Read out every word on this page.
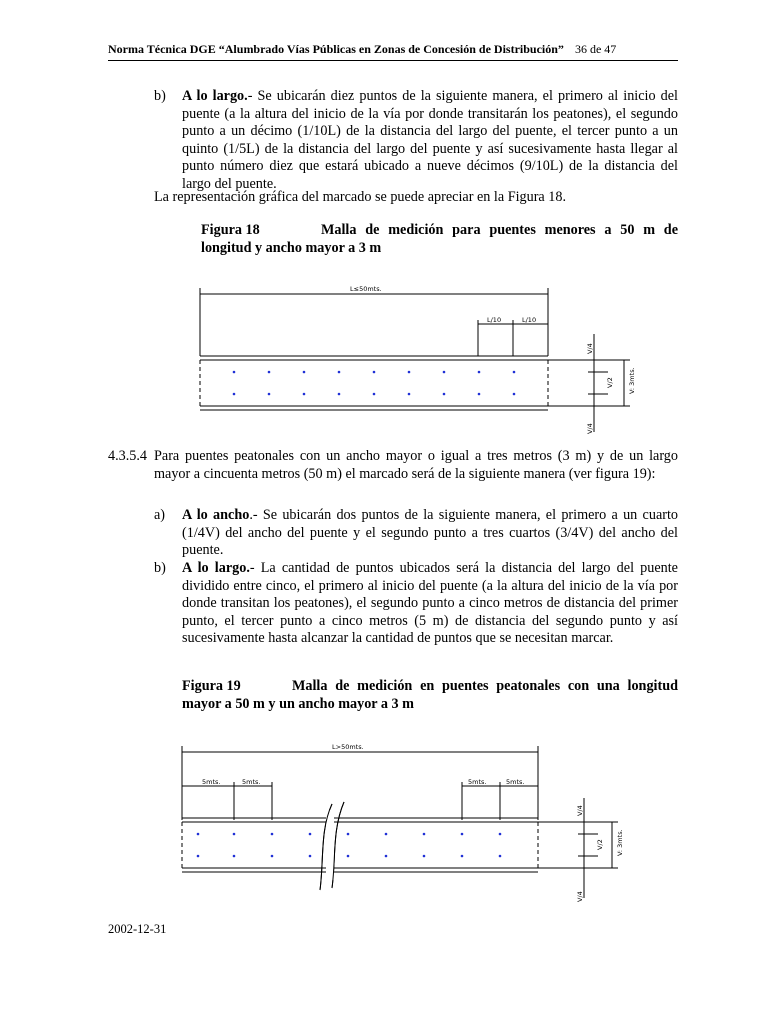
Norma Técnica DGE “Alumbrado Vías Públicas en Zonas de Concesión de Distribución” 36 de 47
b) A lo largo.- Se ubicarán diez puntos de la siguiente manera, el primero al inicio del puente (a la altura del inicio de la vía por donde transitarán los peatones), el segundo punto a un décimo (1/10L) de la distancia del largo del puente, el tercer punto a un quinto (1/5L) de la distancia del largo del puente y así sucesivamente hasta llegar al punto número diez que estará ubicado a nueve décimos (9/10L) de la distancia del largo del puente.
La representación gráfica del marcado se puede apreciar en la Figura 18.
Figura 18	Malla de medición para puentes menores a 50 m de longitud y ancho mayor a 3 m
L≤50mts.
L/10	L/10
V/4
V/2 V: 3mts.
V/4
4.3.5.4 Para puentes peatonales con un ancho mayor o igual a tres metros (3 m) y de un largo mayor a cincuenta metros (50 m) el marcado será de la siguiente manera (ver figura 19):
a) A lo ancho.- Se ubicarán dos puntos de la siguiente manera, el primero a un cuarto (1/4V) del ancho del puente y el segundo punto a tres cuartos (3/4V) del ancho del puente.
b) A lo largo.- La cantidad de puntos ubicados será la distancia del largo del puente dividido entre cinco, el primero al inicio del puente (a la altura del inicio de la vía por donde transitan los peatones), el segundo punto a cinco metros de distancia del primer punto, el tercer punto a cinco metros (5 m) de distancia del segundo punto y así sucesivamente hasta alcanzar la cantidad de puntos que se necesitan marcar.
Figura 19	Malla de medición en puentes peatonales con una longitud mayor a 50 m y un ancho mayor a 3 m
L>50mts.
5mts.	5mts.	5mts.	5mts.
V/4
V/2 V: 3mts.
V/4
2002-12-31
